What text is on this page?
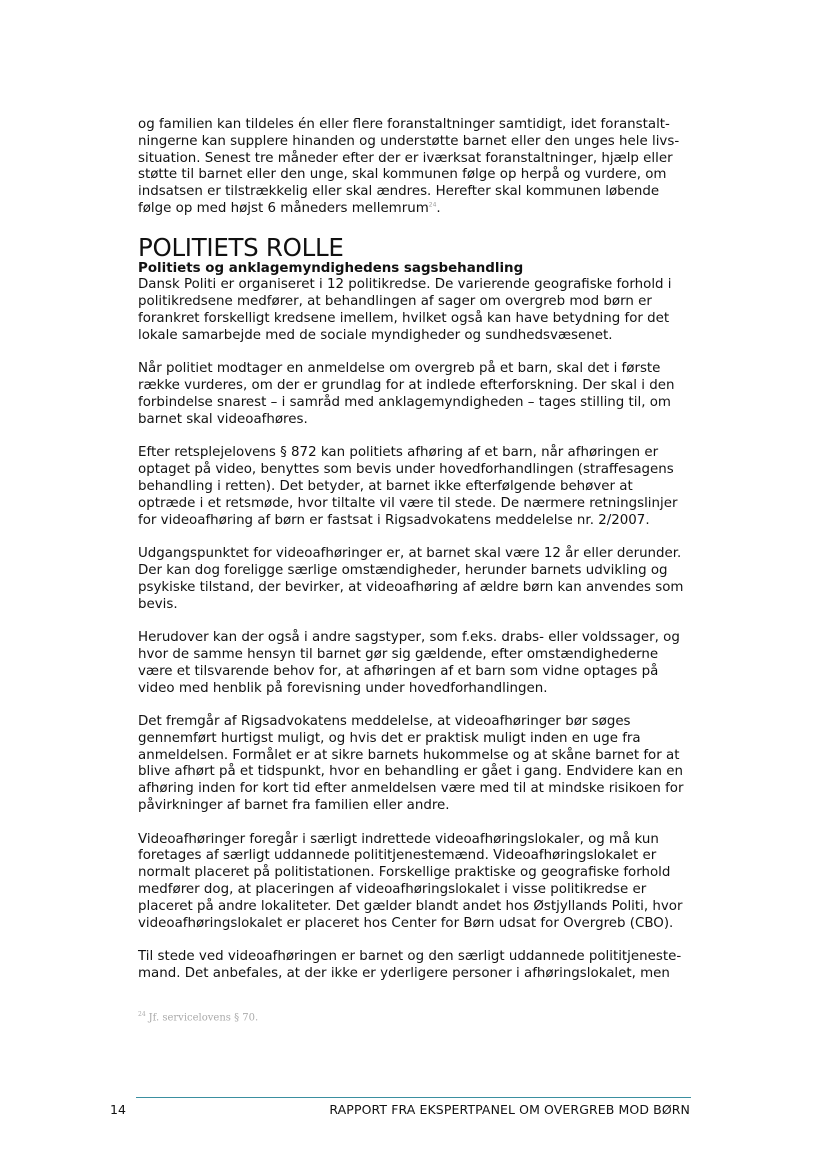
og familien kan tildeles én eller flere foranstaltninger samtidigt, idet foranstalt-ningerne kan supplere hinanden og understøtte barnet eller den unges hele livs-situation. Senest tre måneder efter der er iværksat foranstaltninger, hjælp eller støtte til barnet eller den unge, skal kommunen følge op herpå og vurdere, om indsatsen er tilstrækkelig eller skal ændres. Herefter skal kommunen løbende følge op med højst 6 måneders mellemrum$^{24}$.

POLITIETS ROLLE
Politiets og anklagemyndighedens sagsbehandling

Dansk Politi er organiseret i 12 politikredse. De varierende geografiske forhold i politikredsene medfører, at behandlingen af sager om overgreb mod børn er forankret forskelligt kredsene imellem, hvilket også kan have betydning for det lokale samarbejde med de sociale myndigheder og sundhedsvæsenet.

Når politiet modtager en anmeldelse om overgreb på et barn, skal det i første række vurderes, om der er grundlag for at indlede efterforskning. Der skal i den forbindelse snarest – i samråd med anklagemyndigheden – tages stilling til, om barnet skal videoafhøres.

Efter retsplejelovens § 872 kan politiets afhøring af et barn, når afhøringen er optaget på video, benyttes som bevis under hovedforhandlingen (straffesagens behandling i retten). Det betyder, at barnet ikke efterfølgende behøver at optræde i et retsmøde, hvor tiltalte vil være til stede. De nærmere retningslinjer for videoafhøring af børn er fastsat i Rigsadvokatens meddelelse nr. 2/2007.

Udgangspunktet for videoafhøringer er, at barnet skal være 12 år eller derunder. Der kan dog foreligge særlige omstændigheder, herunder barnets udvikling og psykiske tilstand, der bevirker, at videoafhøring af ældre børn kan anvendes som bevis.

Herudover kan der også i andre sagstyper, som f.eks. drabs- eller voldssager, og hvor de samme hensyn til barnet gør sig gældende, efter omstændighederne være et tilsvarende behov for, at afhøringen af et barn som vidne optages på video med henblik på forevisning under hovedforhandlingen.

Det fremgår af Rigsadvokatens meddelelse, at videoafhøringer bør søges gennemført hurtigst muligt, og hvis det er praktisk muligt inden en uge fra anmeldelsen. Formålet er at sikre barnets hukommelse og at skåne barnet for at blive afhørt på et tidspunkt, hvor en behandling er gået i gang. Endvidere kan en afhøring inden for kort tid efter anmeldelsen være med til at mindske risikoen for påvirkninger af barnet fra familien eller andre.

Videoafhøringer foregår i særligt indrettede videoafhøringslokaler, og må kun foretages af særligt uddannede polititjenestemænd. Videoafhøringslokalet er normalt placeret på politistationen. Forskellige praktiske og geografiske forhold medfører dog, at placeringen af videoafhøringslokalet i visse politikredse er placeret på andre lokaliteter. Det gælder blandt andet hos Østjyllands Politi, hvor videoafhøringslokalet er placeret hos Center for Børn udsat for Overgreb (CBO).

Til stede ved videoafhøringen er barnet og den særligt uddannede polititjeneste-mand. Det anbefales, at der ikke er yderligere personer i afhøringslokalet, men

$^{24}$ Jf. servicelovens § 70.
14	RAPPORT FRA EKSPERTPANEL OM OVERGREB MOD BØRN
